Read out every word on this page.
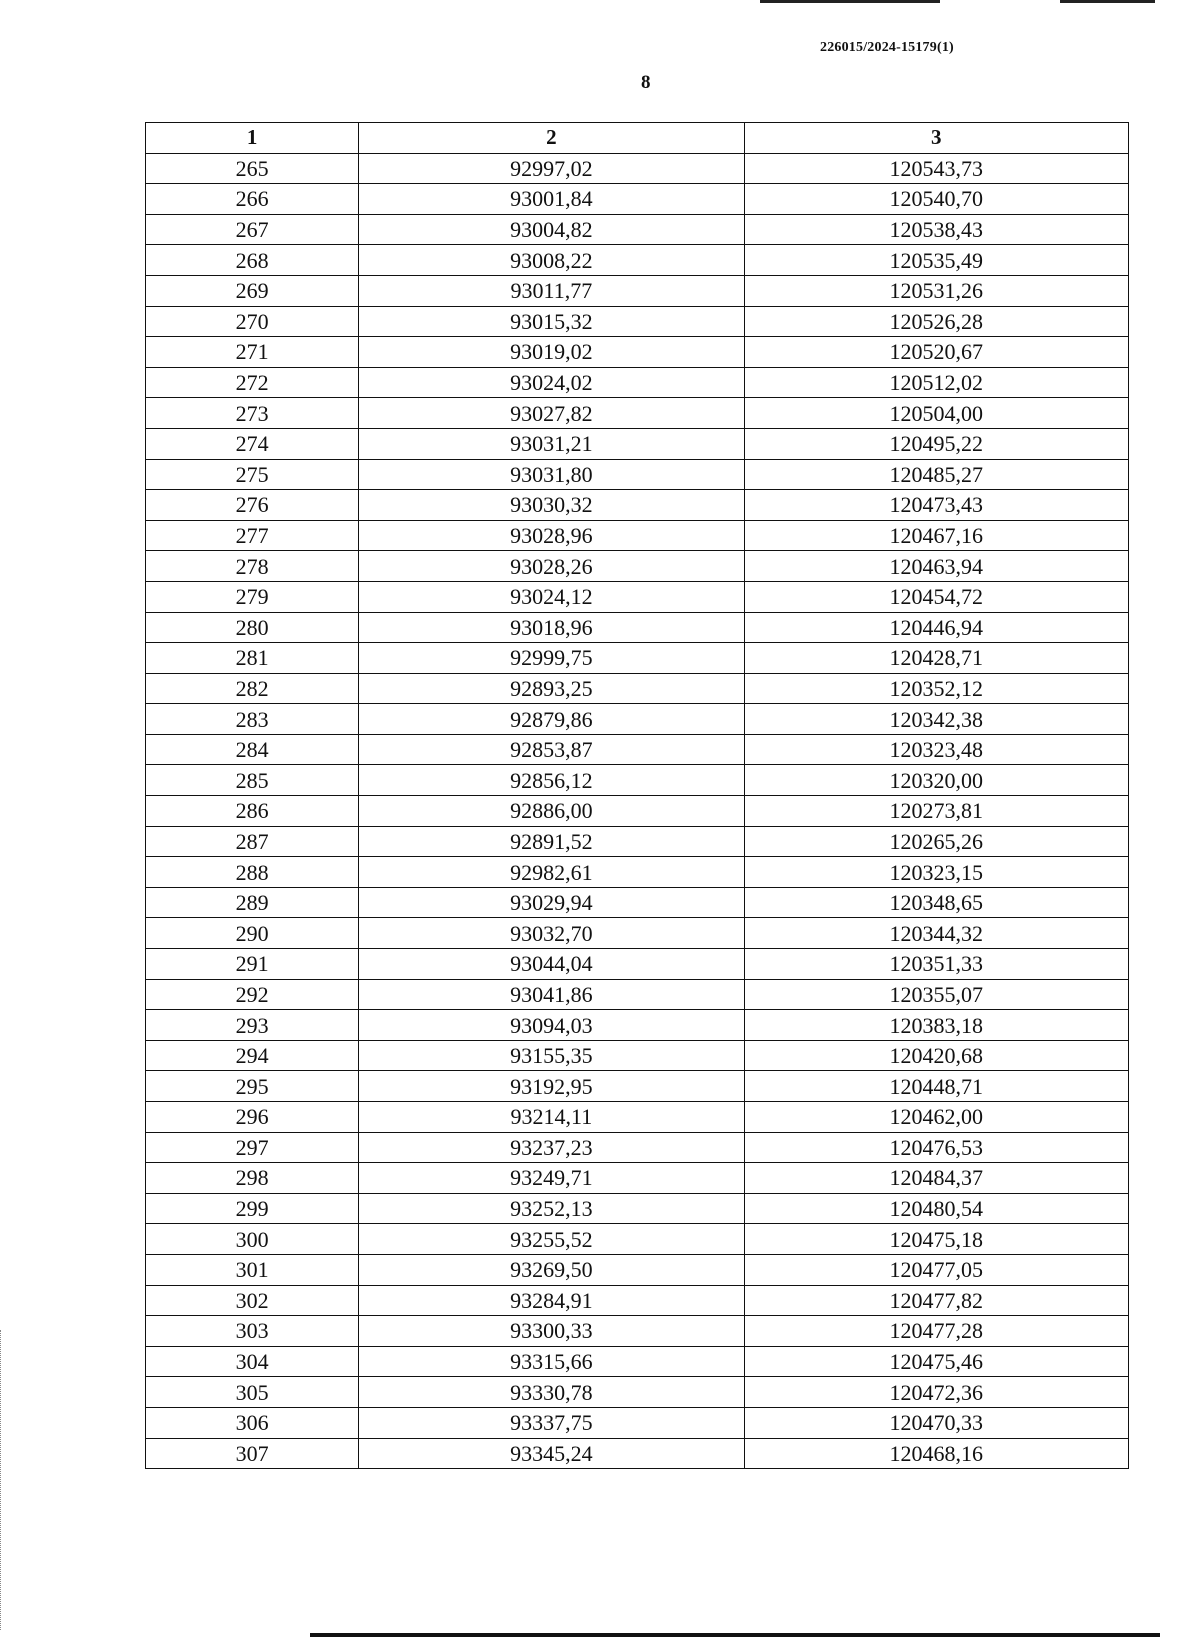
226015/2024-15179(1)
8
1	2	3
265	92997,02	120543,73
266	93001,84	120540,70
267	93004,82	120538,43
268	93008,22	120535,49
269	93011,77	120531,26
270	93015,32	120526,28
271	93019,02	120520,67
272	93024,02	120512,02
273	93027,82	120504,00
274	93031,21	120495,22
275	93031,80	120485,27
276	93030,32	120473,43
277	93028,96	120467,16
278	93028,26	120463,94
279	93024,12	120454,72
280	93018,96	120446,94
281	92999,75	120428,71
282	92893,25	120352,12
283	92879,86	120342,38
284	92853,87	120323,48
285	92856,12	120320,00
286	92886,00	120273,81
287	92891,52	120265,26
288	92982,61	120323,15
289	93029,94	120348,65
290	93032,70	120344,32
291	93044,04	120351,33
292	93041,86	120355,07
293	93094,03	120383,18
294	93155,35	120420,68
295	93192,95	120448,71
296	93214,11	120462,00
297	93237,23	120476,53
298	93249,71	120484,37
299	93252,13	120480,54
300	93255,52	120475,18
301	93269,50	120477,05
302	93284,91	120477,82
303	93300,33	120477,28
304	93315,66	120475,46
305	93330,78	120472,36
306	93337,75	120470,33
307	93345,24	120468,16
